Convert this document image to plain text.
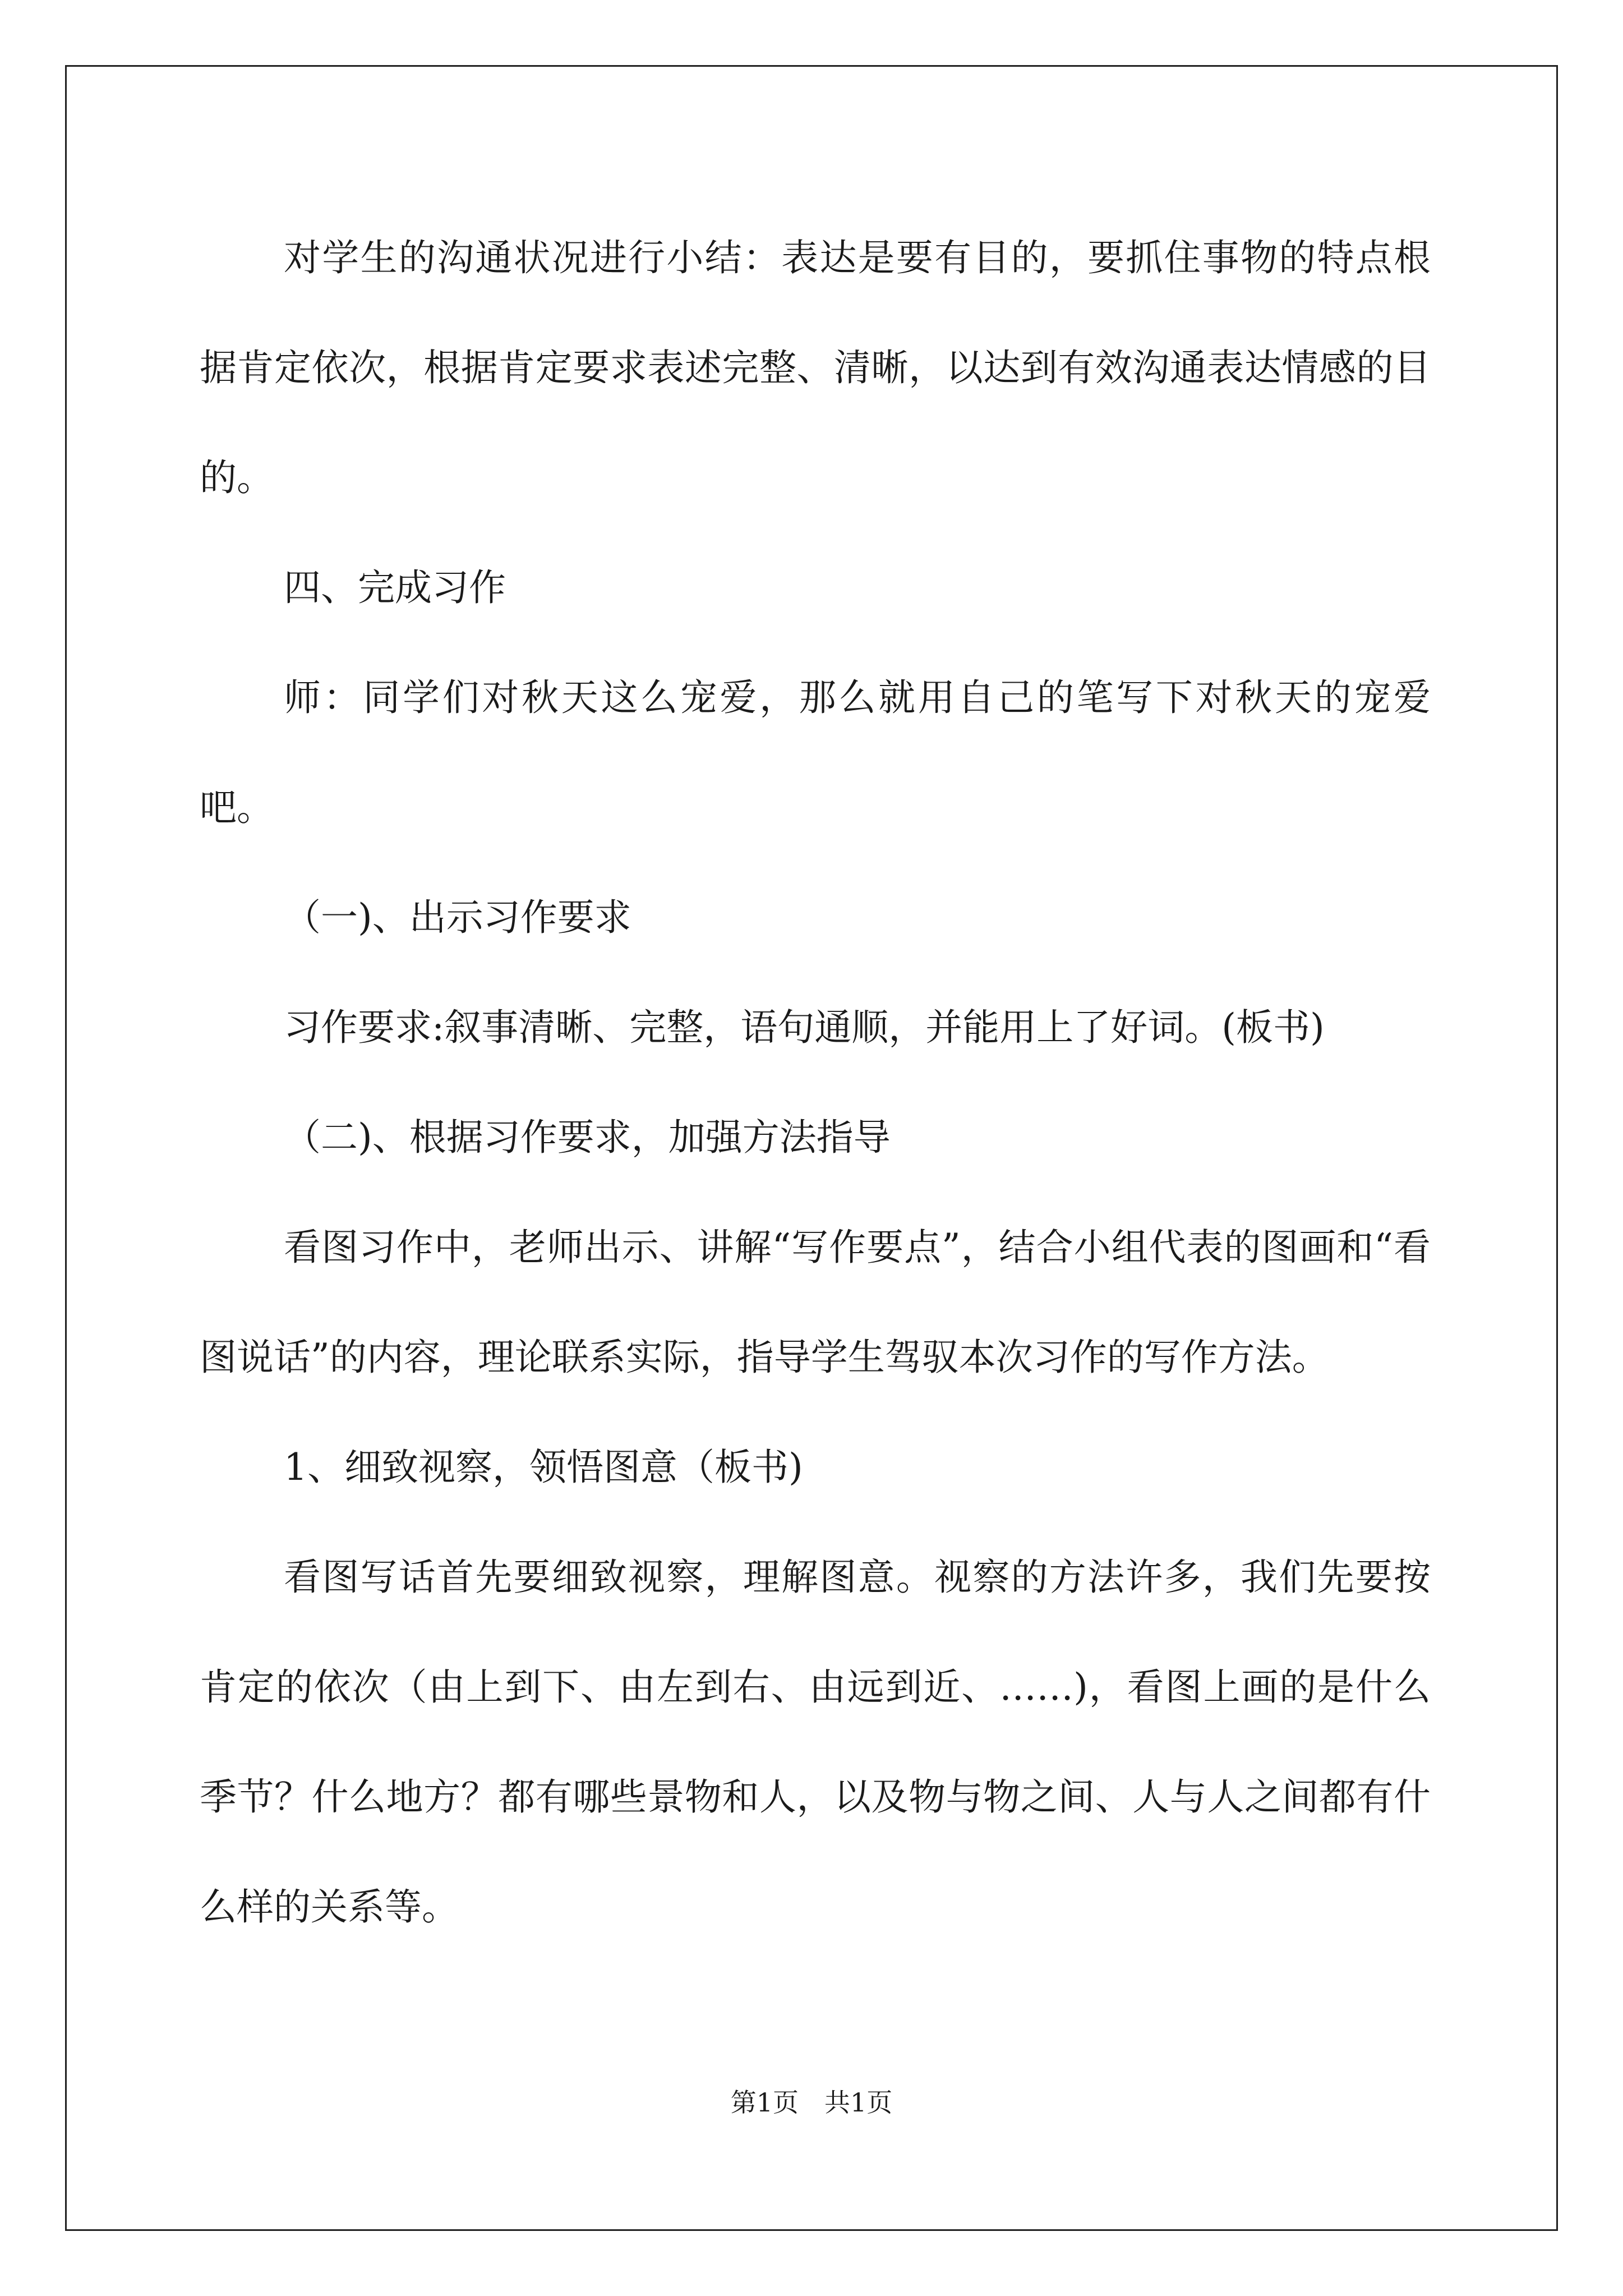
对学生的沟通状况进行小结：表达是要有目的，要抓住事物的特点根据肯定依次，根据肯定要求表述完整、清晰，以达到有效沟通表达情感的目的。

四、完成习作

师：同学们对秋天这么宠爱，那么就用自己的笔写下对秋天的宠爱吧。

（一)、出示习作要求

习作要求:叙事清晰、完整，语句通顺，并能用上了好词。(板书)

（二)、根据习作要求，加强方法指导

看图习作中，老师出示、讲解“写作要点”，结合小组代表的图画和“看图说话”的内容，理论联系实际，指导学生驾驭本次习作的写作方法。

1、细致视察，领悟图意（板书)

看图写话首先要细致视察，理解图意。视察的方法许多，我们先要按肯定的依次（由上到下、由左到右、由远到近、……)，看图上画的是什么季节？什么地方？都有哪些景物和人，以及物与物之间、人与人之间都有什么样的关系等。

第1页　共1页
